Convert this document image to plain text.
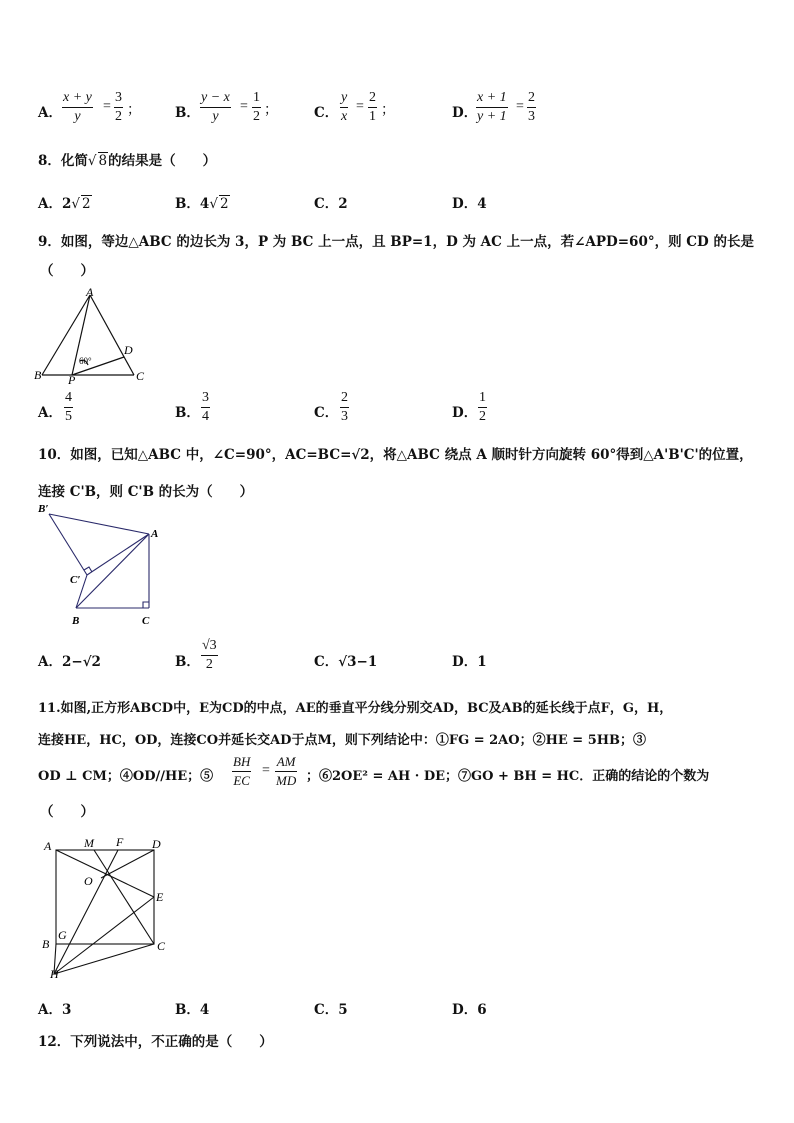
A． $\frac{x + y}{y} = \frac{3}{2}$ ；	B． $\frac{y - x}{y} = \frac{1}{2}$ ；	C． $\frac{y}{x} = \frac{2}{1}$ ；	D．
$\frac{x + 1}{y + 1} = \frac{2}{3}$
8．化简√ 8的结果是（　　）
A．2√ 2	B．4√ 2	C．2	D．4
9．如图，等边△ABC 的边长为 3，P 为 BC 上一点，且 BP=1，D 为 AC 上一点，若∠APD=60°，则 CD 的长是
（　　）
A
B	C
P
D
60°
A． $\frac{4}{5}$	B． $\frac{3}{4}$	C． $\frac{2}{3}$	D． $\frac{1}{2}$
10．如图，已知△ABC 中，∠C=90°，AC=BC=√2，将△ABC 绕点 A 顺时针方向旋转 60°得到△A'B'C'的位置，
连接 C'B，则 C'B 的长为（　　）
B′
A
C′
B	C
A．2−√2	B． $\frac{√3}{2}$	C．√3−1	D．1
11.如图,正方形ABCD中，E为CD的中点，AE的垂直平分线分别交AD，BC及AB的延长线于点F，G，H，
连接HE，HC，OD，连接CO并延长交AD于点M，则下列结论中：①FG = 2AO；②HE = 5HB；③
OD ⊥ CM；④OD//HE；⑤ $\frac{BH}{EC} = \frac{AM}{MD}$ ；⑥2OE² = AH · DE；⑦GO + BH = HC．正确的结论的个数为
（　　）
A	M F D
O
E
B
G
C
H
A．3	B．4	C．5	D．6
12．下列说法中，不正确的是（　　）
